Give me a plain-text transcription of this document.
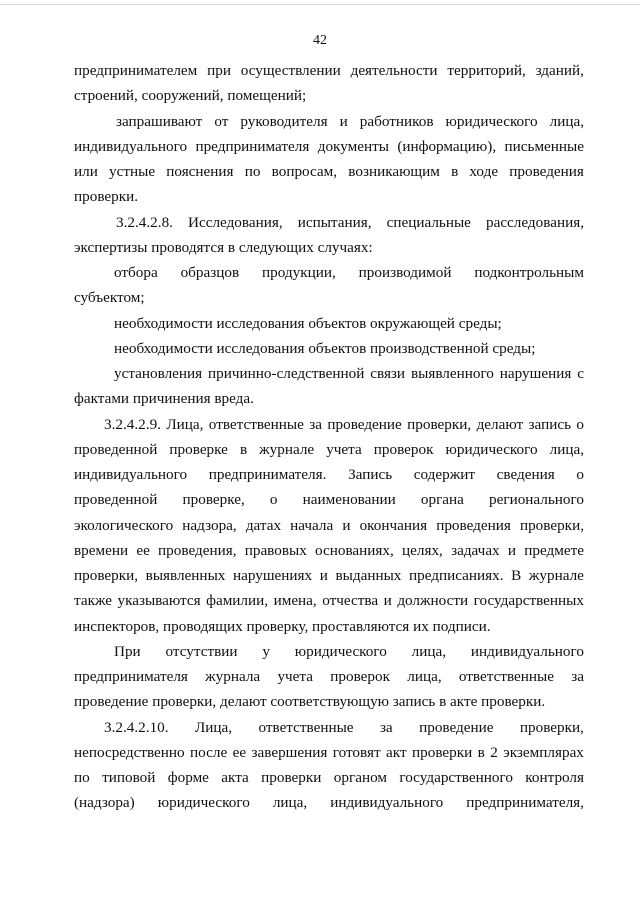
42
предпринимателем при осуществлении деятельности территорий, зданий,
строений, сооружений, помещений;
запрашивают от руководителя и работников юридического лица,
индивидуального предпринимателя документы (информацию), письменные
или устные пояснения по вопросам, возникающим в ходе проведения
проверки.
3.2.4.2.8. Исследования, испытания, специальные расследования,
экспертизы проводятся в следующих случаях:
отбора образцов продукции, производимой подконтрольным
субъектом;
необходимости исследования объектов окружающей среды;
необходимости исследования объектов производственной среды;
установления причинно-следственной связи выявленного нарушения с
фактами причинения вреда.
3.2.4.2.9. Лица, ответственные за проведение проверки, делают запись о
проведенной проверке в журнале учета проверок юридического лица,
индивидуального предпринимателя. Запись содержит сведения о
проведенной проверке, о наименовании органа регионального
экологического надзора, датах начала и окончания проведения проверки,
времени ее проведения, правовых основаниях, целях, задачах и предмете
проверки, выявленных нарушениях и выданных предписаниях. В журнале
также указываются фамилии, имена, отчества и должности государственных
инспекторов, проводящих проверку, проставляются их подписи.
При отсутствии у юридического лица, индивидуального
предпринимателя журнала учета проверок лица, ответственные за
проведение проверки, делают соответствующую запись в акте проверки.
3.2.4.2.10. Лица, ответственные за проведение проверки,
непосредственно после ее завершения готовят акт проверки в 2 экземплярах
по типовой форме акта проверки органом государственного контроля
(надзора) юридического лица, индивидуального предпринимателя,
